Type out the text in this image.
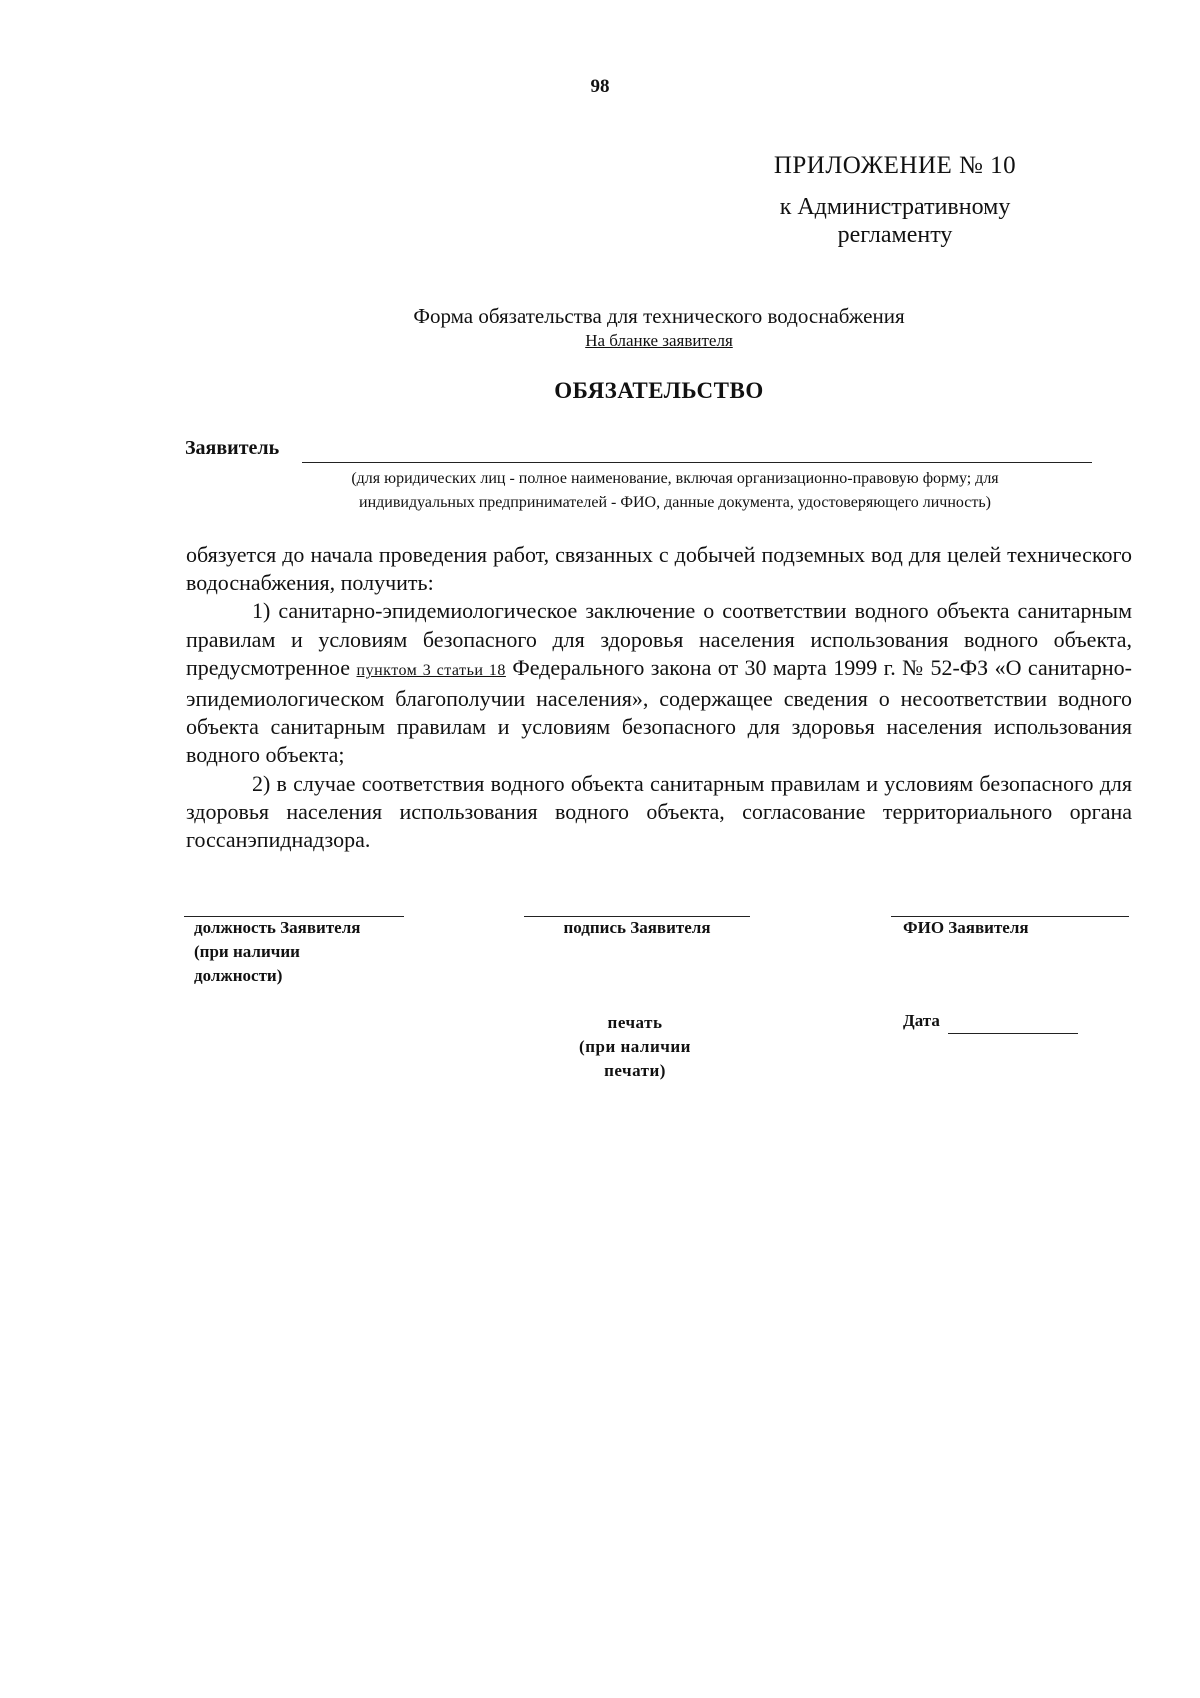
98
ПРИЛОЖЕНИЕ № 10
к Административному
регламенту
Форма обязательства для технического водоснабжения
На бланке заявителя
ОБЯЗАТЕЛЬСТВО
Заявитель
(для юридических лиц - полное наименование, включая организационно-правовую форму; для
индивидуальных предпринимателей - ФИО, данные документа, удостоверяющего личность)

обязуется до начала проведения работ, связанных с добычей подземных вод для целей технического водоснабжения, получить:

1) санитарно-эпидемиологическое заключение о соответствии водного объекта санитарным правилам и условиям безопасного для здоровья населения использования водного объекта, предусмотренное пунктом 3 статьи 18 Федерального закона от 30 марта 1999 г. № 52-ФЗ «О санитарно-эпидемиологическом благополучии населения», содержащее сведения о несоответствии водного объекта санитарным правилам и условиям безопасного для здоровья населения использования водного объекта;

2) в случае соответствия водного объекта санитарным правилам и условиям безопасного для здоровья населения использования водного объекта, согласование территориального органа госсанэпиднадзора.

должность Заявителя
(при наличии
должности)
подпись Заявителя	ФИО Заявителя
печать
(при наличии
печати)
Дата
